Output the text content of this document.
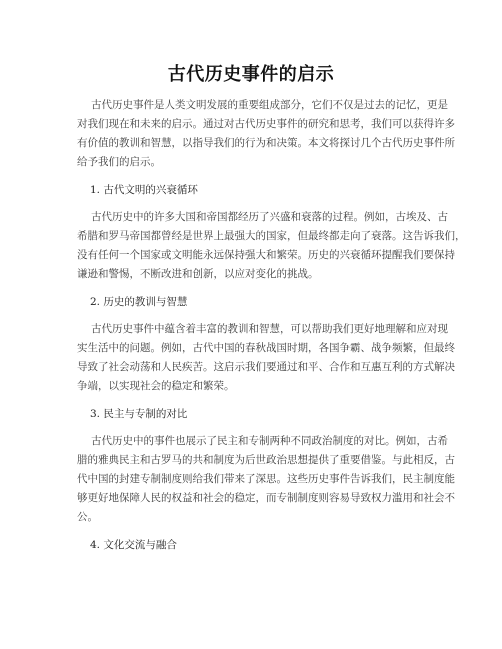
古代历史事件的启示
古代历史事件是人类文明发展的重要组成部分，它们不仅是过去的记忆，更是
对我们现在和未来的启示。通过对古代历史事件的研究和思考，我们可以获得许多
有价值的教训和智慧，以指导我们的行为和决策。本文将探讨几个古代历史事件所
给予我们的启示。
1. 古代文明的兴衰循环
古代历史中的许多大国和帝国都经历了兴盛和衰落的过程。例如，古埃及、古
希腊和罗马帝国都曾经是世界上最强大的国家，但最终都走向了衰落。这告诉我们，
没有任何一个国家或文明能永远保持强大和繁荣。历史的兴衰循环提醒我们要保持
谦逊和警惕，不断改进和创新，以应对变化的挑战。
2. 历史的教训与智慧
古代历史事件中蕴含着丰富的教训和智慧，可以帮助我们更好地理解和应对现
实生活中的问题。例如，古代中国的春秋战国时期，各国争霸、战争频繁，但最终
导致了社会动荡和人民疾苦。这启示我们要通过和平、合作和互惠互利的方式解决
争端，以实现社会的稳定和繁荣。
3. 民主与专制的对比
古代历史中的事件也展示了民主和专制两种不同政治制度的对比。例如，古希
腊的雅典民主和古罗马的共和制度为后世政治思想提供了重要借鉴。与此相反，古
代中国的封建专制制度则给我们带来了深思。这些历史事件告诉我们，民主制度能
够更好地保障人民的权益和社会的稳定，而专制制度则容易导致权力滥用和社会不
公。
4. 文化交流与融合
